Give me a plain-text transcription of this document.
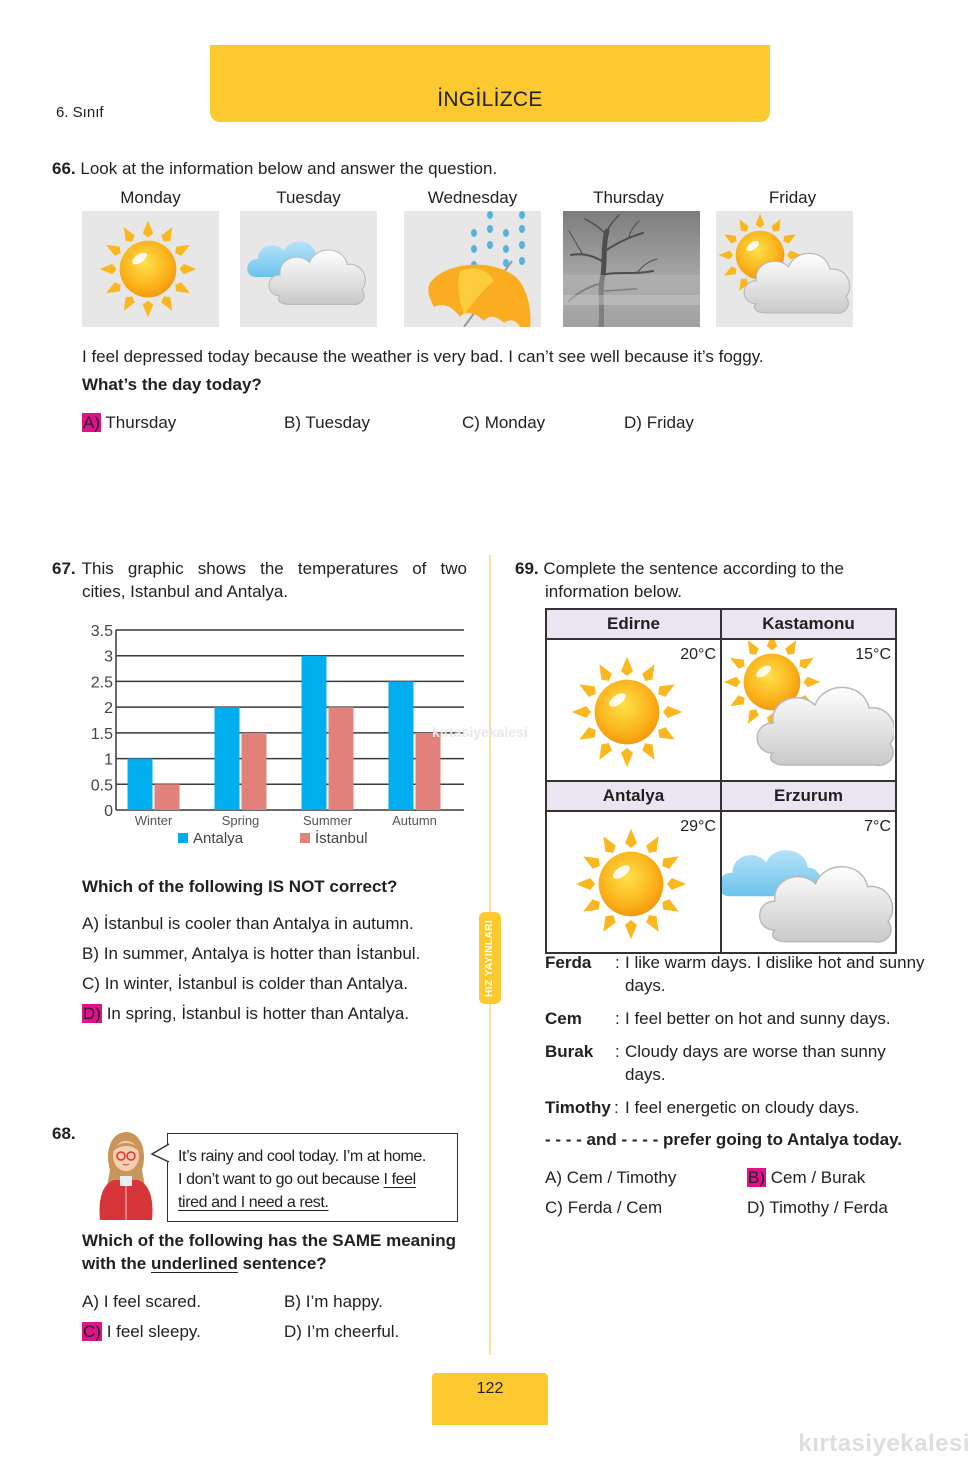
İNGİLİZCE
6. Sınıf
66. Look at the information below and answer the question.
Monday	Tuesday	Wednesday	Thursday	Friday
I feel depressed today because the weather is very bad. I can’t see well because it’s foggy.
What’s the day today?
A) Thursday	B) Tuesday	C) Monday	D) Friday
67. This graphic shows the temperatures of two
cities, Istanbul and Antalya.
0
0.5
1
1.5
2
2.5
3
3.5
Winter	Spring	Summer	Autumn
Antalya	İstanbul
Which of the following IS NOT correct?
A) İstanbul is cooler than Antalya in autumn.
B) In summer, Antalya is hotter than İstanbul.
C) In winter, İstanbul is colder than Antalya.
D) In spring, İstanbul is hotter than Antalya.
HIZ YAYINLARI
68.
It’s rainy and cool today. I’m at home.
I don’t want to go out because I feel
tired and I need a rest.
Which of the following has the SAME meaning
with the underlined sentence?
A) I feel scared.	B) I’m happy.
C) I feel sleepy.	D) I’m cheerful.
69. Complete the sentence according to the
information below.
Edirne	Kastamonu

20°C	15°C

Antalya	Erzurum

29°C	7°C
Ferda : I like warm days. I dislike hot and sunny
days.
Cem : I feel better on hot and sunny days.
Burak : Cloudy days are worse than sunny
days.
Timothy : I feel energetic on cloudy days.
- - - - and - - - - prefer going to Antalya today.
A) Cem / Timothy	B) Cem / Burak
C) Ferda / Cem	D) Timothy / Ferda
122
kırtasiyekalesi
kırtasiyekalesi
